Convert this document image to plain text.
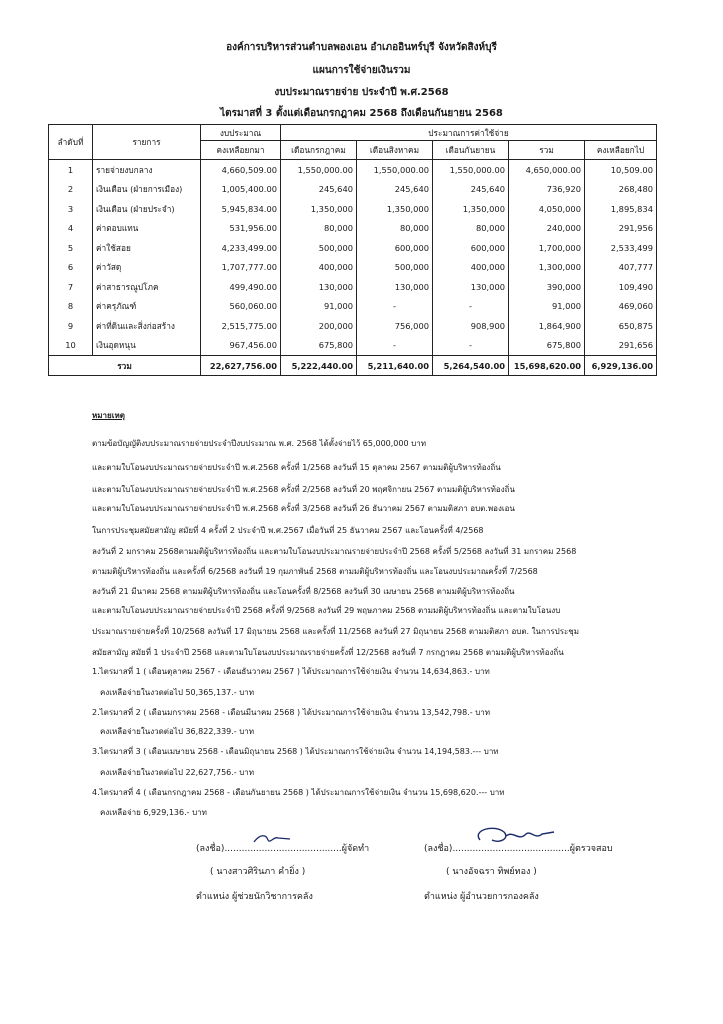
องค์การบริหารส่วนตำบลพองเอน อำเภออินทร์บุรี จังหวัดสิงห์บุรี
แผนการใช้จ่ายเงินรวม
งบประมาณรายจ่าย ประจำปี พ.ศ.2568
ไตรมาสที่ 3 ตั้งแต่เดือนกรกฎาคม 2568 ถึงเดือนกันยายน 2568
ลำดับที่	รายการ	งบประมาณ	ประมาณการค่าใช้จ่าย				
		คงเหลือยกมา	เดือนกรกฎาคม	เดือนสิงหาคม	เดือนกันยายน	รวม	คงเหลือยกไป
1	รายจ่ายงบกลาง	4,660,509.00	1,550,000.00	1,550,000.00	1,550,000.00	4,650,000.00	10,509.00
2	เงินเดือน (ฝ่ายการเมือง)	1,005,400.00	245,640	245,640	245,640	736,920	268,480
3	เงินเดือน (ฝ่ายประจำ)	5,945,834.00	1,350,000	1,350,000	1,350,000	4,050,000	1,895,834
4	ค่าตอบแทน	531,956.00	80,000	80,000	80,000	240,000	291,956
5	ค่าใช้สอย	4,233,499.00	500,000	600,000	600,000	1,700,000	2,533,499
6	ค่าวัสดุ	1,707,777.00	400,000	500,000	400,000	1,300,000	407,777
7	ค่าสาธารณูปโภค	499,490.00	130,000	130,000	130,000	390,000	109,490
8	ค่าครุภัณฑ์	560,060.00	91,000	-	-	91,000	469,060
9	ค่าที่ดินและสิ่งก่อสร้าง	2,515,775.00	200,000	756,000	908,900	1,864,900	650,875
10	เงินอุดหนุน	967,456.00	675,800	-	-	675,800	291,656
รวม		22,627,756.00	5,222,440.00	5,211,640.00	5,264,540.00	15,698,620.00	6,929,136.00
หมายเหตุ
ตามข้อบัญญัติงบประมาณรายจ่ายประจำปีงบประมาณ พ.ศ. 2568 ได้ตั้งจ่ายไว้ 65,000,000 บาท
และตามใบโอนงบประมาณรายจ่ายประจำปี พ.ศ.2568 ครั้งที่ 1/2568 ลงวันที่ 15 ตุลาคม 2567 ตามมติผู้บริหารท้องถิ่น
และตามใบโอนงบประมาณรายจ่ายประจำปี พ.ศ.2568 ครั้งที่ 2/2568 ลงวันที่ 20 พฤศจิกายน 2567 ตามมติผู้บริหารท้องถิ่น
และตามใบโอนงบประมาณรายจ่ายประจำปี พ.ศ.2568 ครั้งที่ 3/2568 ลงวันที่ 26 ธันวาคม 2567 ตามมติสภา อบต.พองเอน
ในการประชุมสมัยสามัญ สมัยที่ 4 ครั้งที่ 2 ประจำปี พ.ศ.2567 เมื่อวันที่ 25 ธันวาคม 2567 และโอนครั้งที่ 4/2568
ลงวันที่ 2 มกราคม 2568ตามมติผู้บริหารท้องถิ่น และตามใบโอนงบประมาณรายจ่ายประจำปี 2568 ครั้งที่ 5/2568 ลงวันที่ 31 มกราคม 2568
ตามมติผู้บริหารท้องถิ่น และครั้งที่ 6/2568 ลงวันที่ 19 กุมภาพันธ์ 2568 ตามมติผู้บริหารท้องถิ่น และโอนงบประมาณครั้งที่ 7/2568
ลงวันที่ 21 มีนาคม 2568 ตามมติผู้บริหารท้องถิ่น และโอนครั้งที่ 8/2568 ลงวันที่ 30 เมษายน 2568 ตามมติผู้บริหารท้องถิ่น
และตามใบโอนงบประมาณรายจ่ายประจำปี 2568 ครั้งที่ 9/2568 ลงวันที่ 29 พฤษภาคม 2568 ตามมติผู้บริหารท้องถิ่น และตามใบโอนงบ
ประมาณรายจ่ายครั้งที่ 10/2568 ลงวันที่ 17 มิถุนายน 2568 และครั้งที่ 11/2568 ลงวันที่ 27 มิถุนายน 2568 ตามมติสภา อบต. ในการประชุม
สมัยสามัญ สมัยที่ 1 ประจำปี 2568 และตามใบโอนงบประมาณรายจ่ายครั้งที่ 12/2568 ลงวันที่ 7 กรกฎาคม 2568 ตามมติผู้บริหารท้องถิ่น
1.ไตรมาสที่ 1 ( เดือนตุลาคม 2567 - เดือนธันวาคม 2567 ) ได้ประมาณการใช้จ่ายเงิน จำนวน 14,634,863.- บาท
คงเหลือจ่ายในงวดต่อไป 50,365,137.- บาท
2.ไตรมาสที่ 2 ( เดือนมกราคม 2568 - เดือนมีนาคม 2568 ) ได้ประมาณการใช้จ่ายเงิน จำนวน 13,542,798.- บาท
คงเหลือจ่ายในงวดต่อไป 36,822,339.- บาท
3.ไตรมาสที่ 3 ( เดือนเมษายน 2568 - เดือนมิถุนายน 2568 ) ได้ประมาณการใช้จ่ายเงิน จำนวน 14,194,583.--- บาท
คงเหลือจ่ายในงวดต่อไป 22,627,756.- บาท
4.ไตรมาสที่ 4 ( เดือนกรกฎาคม 2568 - เดือนกันยายน 2568 ) ได้ประมาณการใช้จ่ายเงิน จำนวน 15,698,620.--- บาท
คงเหลือจ่าย 6,929,136.- บาท
(ลงชื่อ).........................................ผู้จัดทำ
( นางสาวศิรินภา คำยิ่ง )
ตำแหน่ง ผู้ช่วยนักวิชาการคลัง
(ลงชื่อ).........................................ผู้ตรวจสอบ
( นางอัจฉรา ทิพย์ทอง )
ตำแหน่ง ผู้อำนวยการกองคลัง
